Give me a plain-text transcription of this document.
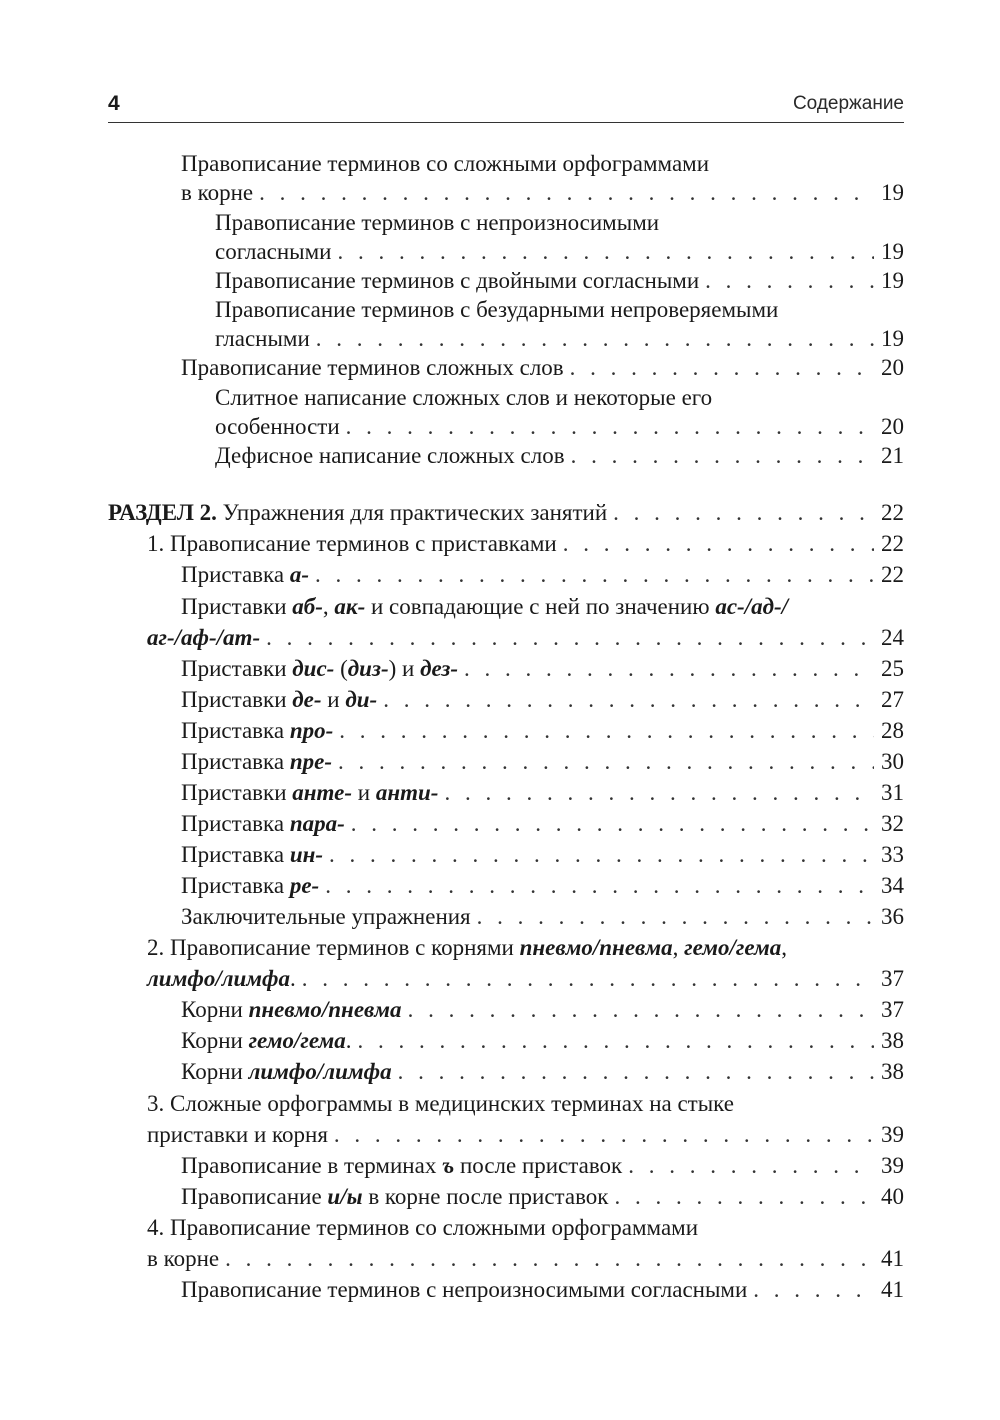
4	Содержание
Правописание терминов со сложными орфограммами
в корне . . .	19
Правописание терминов с непроизносимыми
согласными . . .	19
Правописание терминов с двойными согласными . . .	19
Правописание терминов с безударными непроверяемыми
гласными . . .	19
Правописание терминов сложных слов . . .	20
Слитное написание сложных слов и некоторые его
особенности . . .	20
Дефисное написание сложных слов . . .	21
РАЗДЕЛ 2. Упражнения для практических занятий . . .	22
1. Правописание терминов с приставками . . .	22
Приставка а- . . .	22
Приставки аб-, ак- и совпадающие с ней по значению ас-/ад-/
аг-/аф-/ат- . . .	24
Приставки дис- (диз-) и дез- . . .	25
Приставки де- и ди- . . .	27
Приставка про- . . .	28
Приставка пре- . . .	30
Приставки анте- и анти- . . .	31
Приставка пара- . . .	32
Приставка ин- . . .	33
Приставка ре- . . .	34
Заключительные упражнения . . .	36
2. Правописание терминов с корнями пневмо/пневма, гемо/гема,
лимфо/лимфа. . . .	37
Корни пневмо/пневма . . .	37
Корни гемо/гема. . . .	38
Корни лимфо/лимфа . . .	38
3. Сложные орфограммы в медицинских терминах на стыке
приставки и корня . . .	39
Правописание в терминах ъ после приставок . . .	39
Правописание и/ы в корне после приставок . . .	40
4. Правописание терминов со сложными орфограммами
в корне . . .	41
Правописание терминов с непроизносимыми согласными . . .	41
